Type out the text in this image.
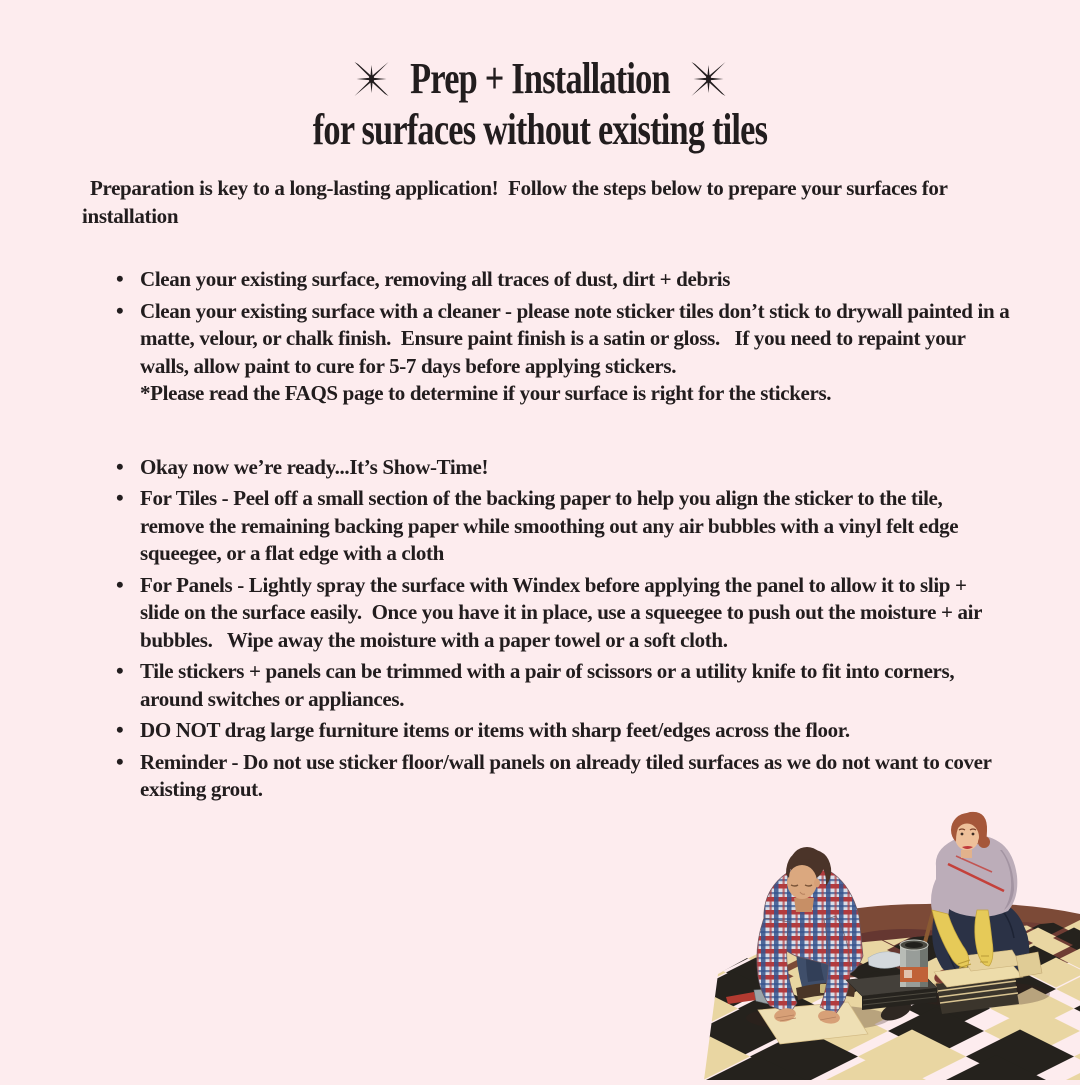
Prep + Installation
for surfaces without existing tiles

Preparation is key to a long-lasting application!  Follow the steps below to prepare your surfaces for installation

• Clean your existing surface, removing all traces of dust, dirt + debris
• Clean your existing surface with a cleaner - please note sticker tiles don’t stick to drywall painted in a matte, velour, or chalk finish.  Ensure paint finish is a satin or gloss.   If you need to repaint your walls, allow paint to cure for 5-7 days before applying stickers.
*Please read the FAQS page to determine if your surface is right for the stickers.
• Okay now we’re ready...It’s Show-Time!
• For Tiles - Peel off a small section of the backing paper to help you align the sticker to the tile, remove the remaining backing paper while smoothing out any air bubbles with a vinyl felt edge squeegee, or a flat edge with a cloth
• For Panels - Lightly spray the surface with Windex before applying the panel to allow it to slip + slide on the surface easily.  Once you have it in place, use a squeegee to push out the moisture + air bubbles.   Wipe away the moisture with a paper towel or a soft cloth.
• Tile stickers + panels can be trimmed with a pair of scissors or a utility knife to fit into corners, around switches or appliances.
• DO NOT drag large furniture items or items with sharp feet/edges across the floor.
• Reminder - Do not use sticker floor/wall panels on already tiled surfaces as we do not want to cover existing grout.
